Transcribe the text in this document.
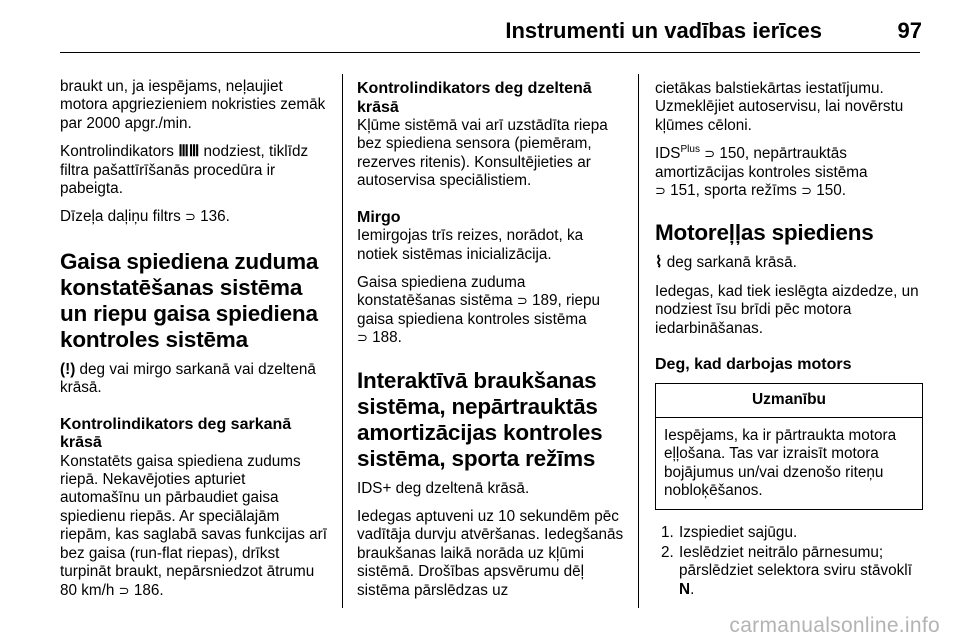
Instrumenti un vadības ierīces	97

braukt un, ja iespējams, neļaujiet motora apgriezieniem nokristies zemāk par 2000 apgr./min.

Kontrolindikators ⅢⅢ nodziest, tiklīdz filtra pašattīrīšanās procedūra ir pabeigta.

Dīzeļa daļiņu filtrs ⊃ 136.

Gaisa spiediena zuduma konstatēšanas sistēma un riepu gaisa spiediena kontroles sistēma

(!) deg vai mirgo sarkanā vai dzeltenā krāsā.

Kontrolindikators deg sarkanā krāsā

Konstatēts gaisa spiediena zudums riepā. Nekavējoties apturiet automašīnu un pārbaudiet gaisa spiedienu riepās. Ar speciālajām riepām, kas saglabā savas funkcijas arī bez gaisa (run-flat riepas), drīkst turpināt braukt, nepārsniedzot ātrumu 80 km/h ⊃ 186.

Kontrolindikators deg dzeltenā krāsā

Kļūme sistēmā vai arī uzstādīta riepa bez spiediena sensora (piemēram, rezerves ritenis). Konsultējieties ar autoservisa speciālistiem.

Mirgo

Iemirgojas trīs reizes, norādot, ka notiek sistēmas inicializācija.

Gaisa spiediena zuduma konstatēšanas sistēma ⊃ 189, riepu gaisa spiediena kontroles sistēma
⊃ 188.

Interaktīvā braukšanas sistēma, nepārtrauktās amortizācijas kontroles sistēma, sporta režīms

IDS+ deg dzeltenā krāsā.

Iedegas aptuveni uz 10 sekundēm pēc vadītāja durvju atvēršanas. Iedegšanās braukšanas laikā norāda uz kļūmi sistēmā. Drošības apsvērumu dēļ sistēma pārslēdzas uz

cietākas balstiekārtas iestatījumu. Uzmeklējiet autoservisu, lai novērstu kļūmes cēloni.

$IDS^{Plus}$ ⊃ 150, nepārtrauktās amortizācijas kontroles sistēma
⊃ 151, sporta režīms ⊃ 150.

Motoreļļas spiediens

⌇ deg sarkanā krāsā.

Iedegas, kad tiek ieslēgta aizdedze, un nodziest īsu brīdi pēc motora iedarbināšanas.

Deg, kad darbojas motors
Uzmanību
Iespējams, ka ir pārtraukta motora eļļošana. Tas var izraisīt motora bojājumus un/vai dzenošo riteņu nobloķēšanos.
1. Izspiediet sajūgu.
2. Ieslēdziet neitrālo pārnesumu; pārslēdziet selektora sviru stāvoklī N.
carmanualsonline.info
